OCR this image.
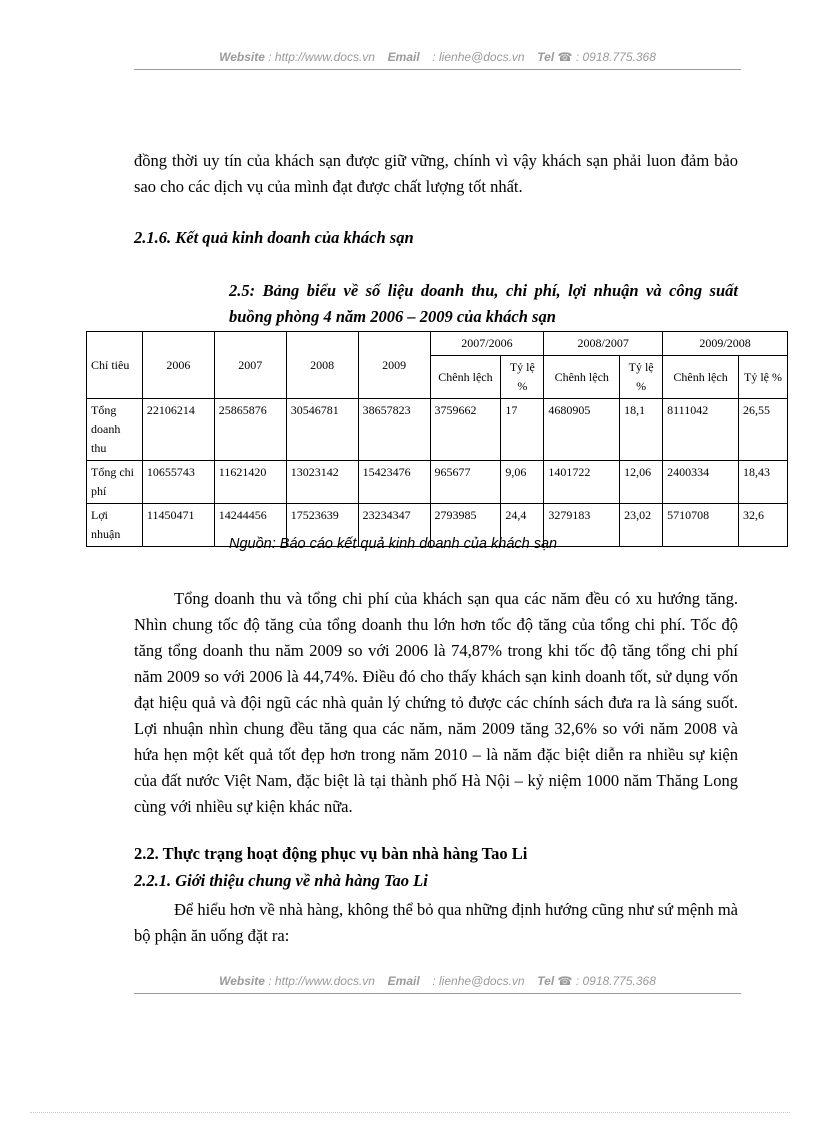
Website : http://www.docs.vn Email : lienhe@docs.vn Tel ☎ : 0918.775.368

đồng thời uy tín của khách sạn được giữ vững, chính vì vậy khách sạn phải luon đảm bảo sao cho các dịch vụ của mình đạt được chất lượng tốt nhất.

2.1.6. Kết quả kinh doanh của khách sạn

2.5: Bảng biểu về số liệu doanh thu, chi phí, lợi nhuận và công suất buồng phòng 4 năm 2006 – 2009 của khách sạn

Chỉ tiêu	2006	2007	2008	2009	2007/2006		2008/2007		2009/2008	
					Chênh lệch	Tỷ lệ %	Chênh lệch	Tỷ lệ %	Chênh lệch	Tỷ lệ %

Tổng doanh thu	22106214	25865876	30546781	38657823	3759662	17	4680905	18,1	8111042	26,55
Tổng chi phí	10655743	11621420	13023142	15423476	965677	9,06	1401722	12,06	2400334	18,43
Lợi nhuận	11450471	14244456	17523639	23234347	2793985	24,4	3279183	23,02	5710708	32,6
Nguồn: Báo cáo kết quả kinh doanh của khách sạn

Tổng doanh thu và tổng chi phí của khách sạn qua các năm đều có xu hướng tăng. Nhìn chung tốc độ tăng của tổng doanh thu lớn hơn tốc độ tăng của tổng chi phí. Tốc độ tăng tổng doanh thu năm 2009 so với 2006 là 74,87% trong khi tốc độ tăng tổng chi phí năm 2009 so với 2006 là 44,74%. Điều đó cho thấy khách sạn kinh doanh tốt, sử dụng vốn đạt hiệu quả và đội ngũ các nhà quản lý chứng tỏ được các chính sách đưa ra là sáng suốt. Lợi nhuận nhìn chung đều tăng qua các năm, năm 2009 tăng 32,6% so với năm 2008 và hứa hẹn một kết quả tốt đẹp hơn trong năm 2010 – là năm đặc biệt diễn ra nhiều sự kiện của đất nước Việt Nam, đặc biệt là tại thành phố Hà Nội – kỷ niệm 1000 năm Thăng Long cùng với nhiều sự kiện khác nữa.

2.2. Thực trạng hoạt động phục vụ bàn nhà hàng Tao Li

2.2.1. Giới thiệu chung về nhà hàng Tao Li

Để hiểu hơn về nhà hàng, không thể bỏ qua những định hướng cũng như sứ mệnh mà bộ phận ăn uống đặt ra:

Website : http://www.docs.vn Email : lienhe@docs.vn Tel ☎ : 0918.775.368
